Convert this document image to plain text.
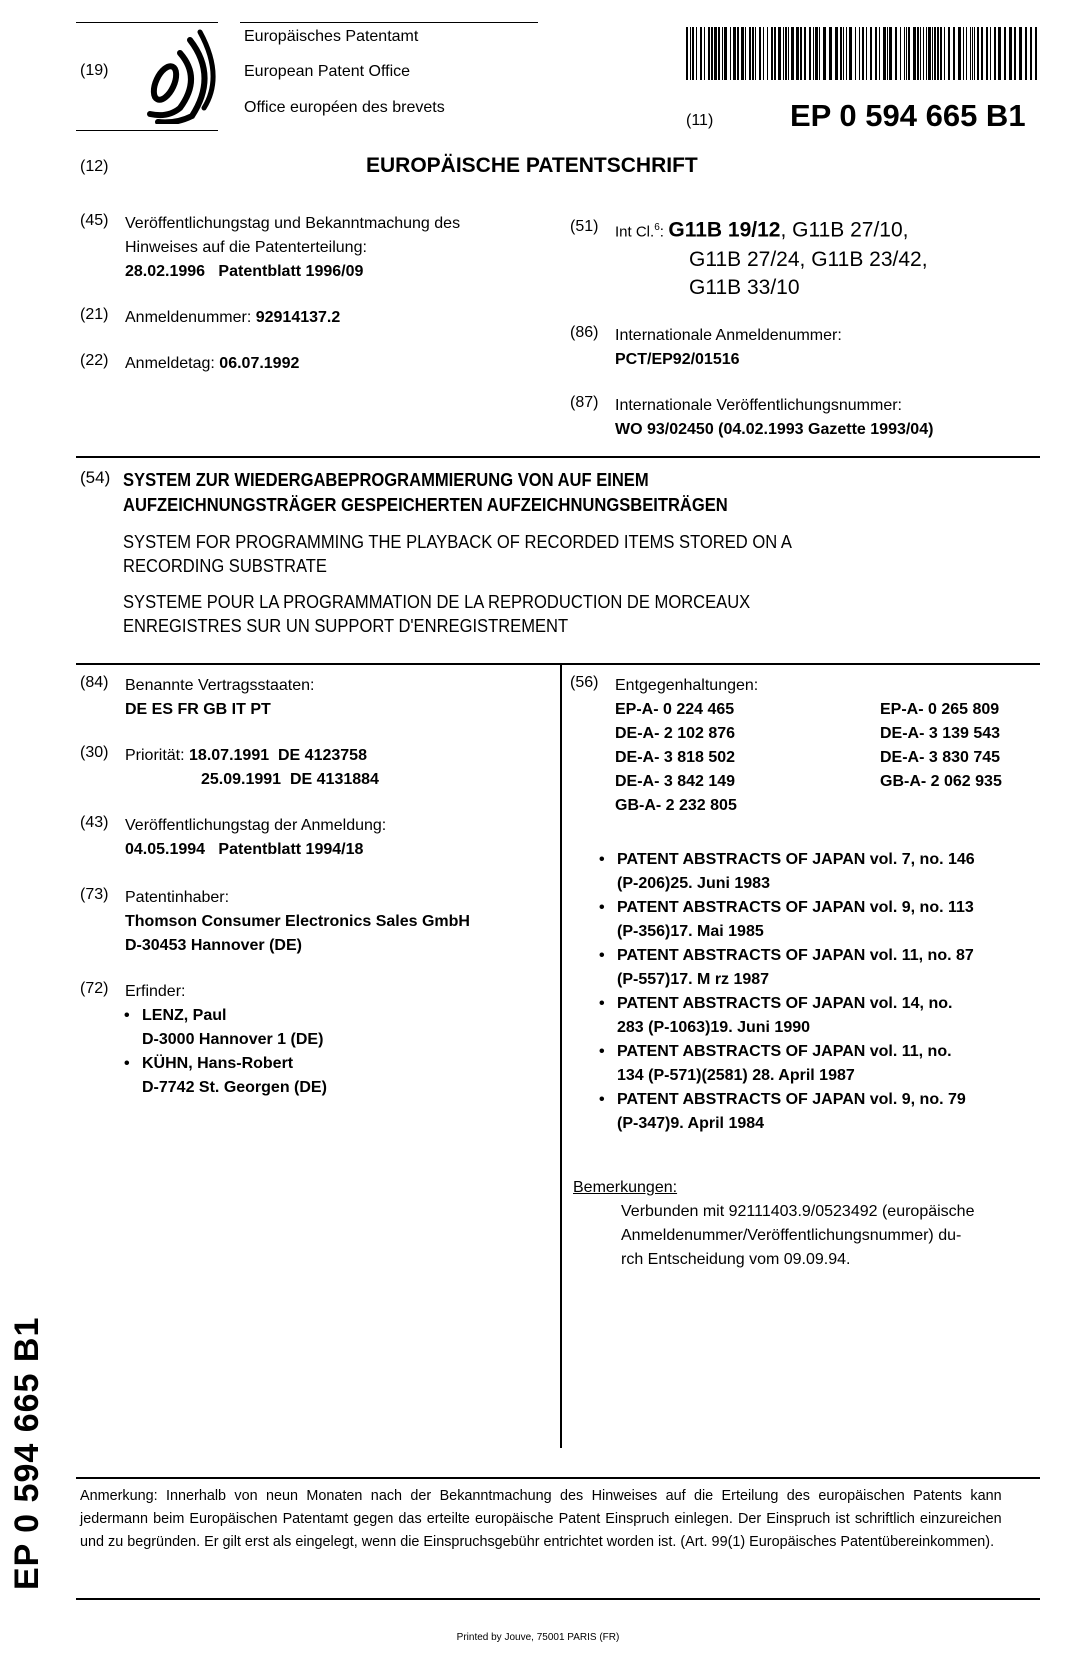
(19)
Europäisches Patentamt
European Patent Office
Office européen des brevets
(11) EP 0 594 665 B1
(12)	EUROPÄISCHE PATENTSCHRIFT
EP 0 594 665 B1
(45) Veröffentlichungstag und Bekanntmachung des
Hinweises auf die Patenterteilung:
28.02.1996 Patentblatt 1996/09
(21) Anmeldenummer: 92914137.2
(22) Anmeldetag: 06.07.1992
(51) Int Cl.$^6$: G11B 19/12, G11B 27/10,
G11B 27/24, G11B 23/42,
G11B 33/10
(86) Internationale Anmeldenummer:
PCT/EP92/01516
(87) Internationale Veröffentlichungsnummer:
WO 93/02450 (04.02.1993 Gazette 1993/04)
(54) SYSTEM ZUR WIEDERGABEPROGRAMMIERUNG VON AUF EINEM
AUFZEICHNUNGSTRÄGER GESPEICHERTEN AUFZEICHNUNGSBEITRÄGEN
SYSTEM FOR PROGRAMMING THE PLAYBACK OF RECORDED ITEMS STORED ON A
RECORDING SUBSTRATE
SYSTEME POUR LA PROGRAMMATION DE LA REPRODUCTION DE MORCEAUX
ENREGISTRES SUR UN SUPPORT D'ENREGISTREMENT
(84) Benannte Vertragsstaaten:
DE ES FR GB IT PT
(30) Priorität: 18.07.1991 DE 4123758
25.09.1991 DE 4131884
(43) Veröffentlichungstag der Anmeldung:
04.05.1994 Patentblatt 1994/18
(73) Patentinhaber:
Thomson Consumer Electronics Sales GmbH
D-30453 Hannover (DE)
(72)	Erfinder:
• LENZ, Paul
D-3000 Hannover 1 (DE)
• KÜHN, Hans-Robert
D-7742 St. Georgen (DE)
(56) Entgegenhaltungen:
EP-A- 0 224 465	EP-A- 0 265 809
DE-A- 2 102 876	DE-A- 3 139 543
DE-A- 3 818 502	DE-A- 3 830 745
DE-A- 3 842 149	GB-A- 2 062 935
GB-A- 2 232 805
• PATENT ABSTRACTS OF JAPAN vol. 7, no. 146
(P-206)25. Juni 1983
• PATENT ABSTRACTS OF JAPAN vol. 9, no. 113
(P-356)17. Mai 1985
• PATENT ABSTRACTS OF JAPAN vol. 11, no. 87
(P-557)17. M rz 1987
• PATENT ABSTRACTS OF JAPAN vol. 14, no.
283 (P-1063)19. Juni 1990
• PATENT ABSTRACTS OF JAPAN vol. 11, no.
134 (P-571)(2581) 28. April 1987
• PATENT ABSTRACTS OF JAPAN vol. 9, no. 79
(P-347)9. April 1984
Bemerkungen:
Verbunden mit 92111403.9/0523492 (europäische
Anmeldenummer/Veröffentlichungsnummer) du-
rch Entscheidung vom 09.09.94.
Anmerkung: Innerhalb von neun Monaten nach der Bekanntmachung des Hinweises auf die Erteilung des europäischen Patents kann jedermann beim Europäischen Patentamt gegen das erteilte europäische Patent Einspruch einlegen. Der Einspruch ist schriftlich einzureichen und zu begründen. Er gilt erst als eingelegt, wenn die Einspruchsgebühr entrichtet worden ist. (Art. 99(1) Europäisches Patentübereinkommen).
Printed by Jouve, 75001 PARIS (FR)
